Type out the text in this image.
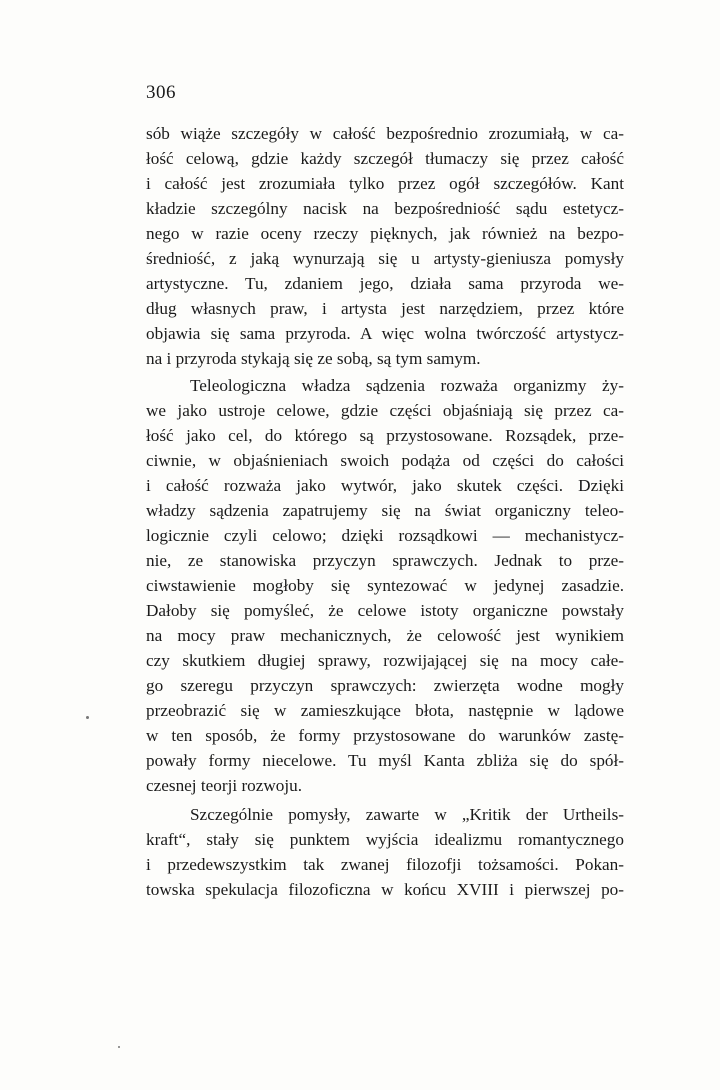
306
sób wiąże szczegóły w całość bezpośrednio zrozumiałą, w ca-
łość celową, gdzie każdy szczegół tłumaczy się przez całość
i całość jest zrozumiała tylko przez ogół szczegółów. Kant
kładzie szczególny nacisk na bezpośredniość sądu estetycz-
nego w razie oceny rzeczy pięknych, jak również na bezpo-
średniość, z jaką wynurzają się u artysty-gieniusza pomysły
artystyczne. Tu, zdaniem jego, działa sama przyroda we-
dług własnych praw, i artysta jest narzędziem, przez które
objawia się sama przyroda. A więc wolna twórczość artystycz-
na i przyroda stykają się ze sobą, są tym samym.
Teleologiczna władza sądzenia rozważa organizmy ży-
we jako ustroje celowe, gdzie części objaśniają się przez ca-
łość jako cel, do którego są przystosowane. Rozsądek, prze-
ciwnie, w objaśnieniach swoich podąża od części do całości
i całość rozważa jako wytwór, jako skutek części. Dzięki
władzy sądzenia zapatrujemy się na świat organiczny teleo-
logicznie czyli celowo; dzięki rozsądkowi — mechanistycz-
nie, ze stanowiska przyczyn sprawczych. Jednak to prze-
ciwstawienie mogłoby się syntezować w jedynej zasadzie.
Dałoby się pomyśleć, że celowe istoty organiczne powstały
na mocy praw mechanicznych, że celowość jest wynikiem
czy skutkiem długiej sprawy, rozwijającej się na mocy całe-
go szeregu przyczyn sprawczych: zwierzęta wodne mogły
przeobrazić się w zamieszkujące błota, następnie w lądowe
w ten sposób, że formy przystosowane do warunków zastę-
powały formy niecelowe. Tu myśl Kanta zbliża się do spół-
czesnej teorji rozwoju.
Szczególnie pomysły, zawarte w „Kritik der Urtheils-
kraft“, stały się punktem wyjścia idealizmu romantycznego
i przedewszystkim tak zwanej filozofji tożsamości. Pokan-
towska spekulacja filozoficzna w końcu XVIII i pierwszej po-
